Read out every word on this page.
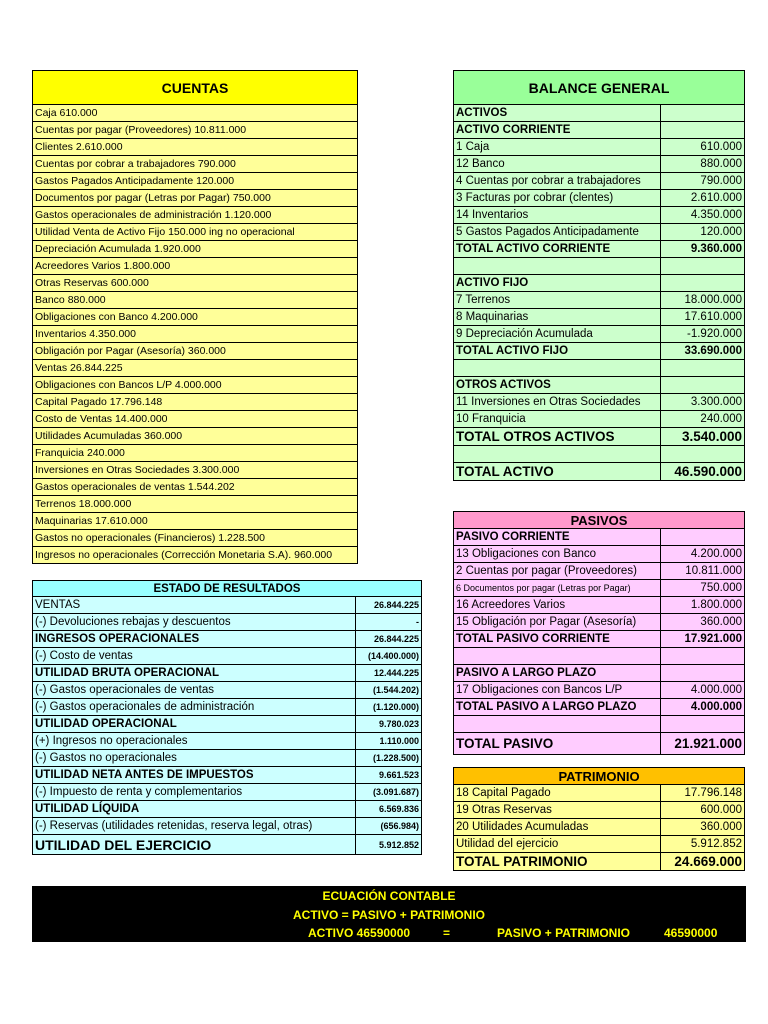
CUENTAS
Caja 610.000
Cuentas por pagar (Proveedores) 10.811.000
Clientes 2.610.000
Cuentas por cobrar a trabajadores 790.000
Gastos Pagados Anticipadamente 120.000
Documentos por pagar (Letras por Pagar) 750.000
Gastos operacionales de administración 1.120.000
Utilidad Venta de Activo Fijo 150.000 ing no operacional
Depreciación Acumulada 1.920.000
Acreedores Varios 1.800.000
Otras Reservas 600.000
Banco 880.000
Obligaciones con Banco 4.200.000
Inventarios 4.350.000
Obligación por Pagar (Asesoría) 360.000
Ventas 26.844.225
Obligaciones con Bancos L/P 4.000.000
Capital Pagado 17.796.148
Costo de Ventas 14.400.000
Utilidades Acumuladas 360.000
Franquicia 240.000
Inversiones en Otras Sociedades 3.300.000
Gastos operacionales de ventas 1.544.202
Terrenos 18.000.000
Maquinarias 17.610.000
Gastos no operacionales (Financieros) 1.228.500
Ingresos no operacionales (Corrección Monetaria S.A). 960.000
BALANCE GENERAL
ACTIVOS
ACTIVO CORRIENTE
1 Caja	610.000
12 Banco	880.000
4 Cuentas por cobrar a trabajadores	790.000
3 Facturas por cobrar (clentes)	2.610.000
14 Inventarios	4.350.000
5 Gastos Pagados Anticipadamente	120.000
TOTAL ACTIVO CORRIENTE	9.360.000
ACTIVO FIJO
7 Terrenos	18.000.000
8 Maquinarias	17.610.000
9 Depreciación Acumulada	-1.920.000
TOTAL ACTIVO FIJO	33.690.000
OTROS ACTIVOS
11 Inversiones en Otras Sociedades	3.300.000
10 Franquicia	240.000
TOTAL OTROS ACTIVOS	3.540.000
TOTAL ACTIVO	46.590.000
PASIVOS
PASIVO CORRIENTE
13 Obligaciones con Banco	4.200.000
2 Cuentas por pagar (Proveedores)	10.811.000
6 Documentos por pagar (Letras por Pagar)	750.000
16 Acreedores Varios	1.800.000
15 Obligación por Pagar (Asesoría)	360.000
TOTAL PASIVO CORRIENTE	17.921.000
PASIVO A LARGO PLAZO
17 Obligaciones con Bancos L/P	4.000.000
TOTAL PASIVO A LARGO PLAZO	4.000.000
TOTAL PASIVO	21.921.000
PATRIMONIO
18 Capital Pagado	17.796.148
19 Otras Reservas	600.000
20 Utilidades Acumuladas	360.000
Utilidad del ejercicio	5.912.852
TOTAL PATRIMONIO	24.669.000
ESTADO DE RESULTADOS
VENTAS	26.844.225
(-) Devoluciones rebajas y descuentos	-
INGRESOS OPERACIONALES	26.844.225
(-) Costo de ventas	(14.400.000)
UTILIDAD BRUTA OPERACIONAL	12.444.225
(-) Gastos operacionales de ventas	(1.544.202)
(-) Gastos operacionales de administración	(1.120.000)
UTILIDAD OPERACIONAL	9.780.023
(+) Ingresos no operacionales	1.110.000
(-) Gastos no operacionales	(1.228.500)
UTILIDAD NETA ANTES DE IMPUESTOS	9.661.523
(-) Impuesto de renta y complementarios	(3.091.687)
UTILIDAD LÍQUIDA	6.569.836
(-) Reservas (utilidades retenidas, reserva legal, otras)	(656.984)
UTILIDAD DEL EJERCICIO	5.912.852
ECUACIÓN CONTABLE
ACTIVO = PASIVO + PATRIMONIO
ACTIVO 46590000	=	PASIVO + PATRIMONIO	46590000
